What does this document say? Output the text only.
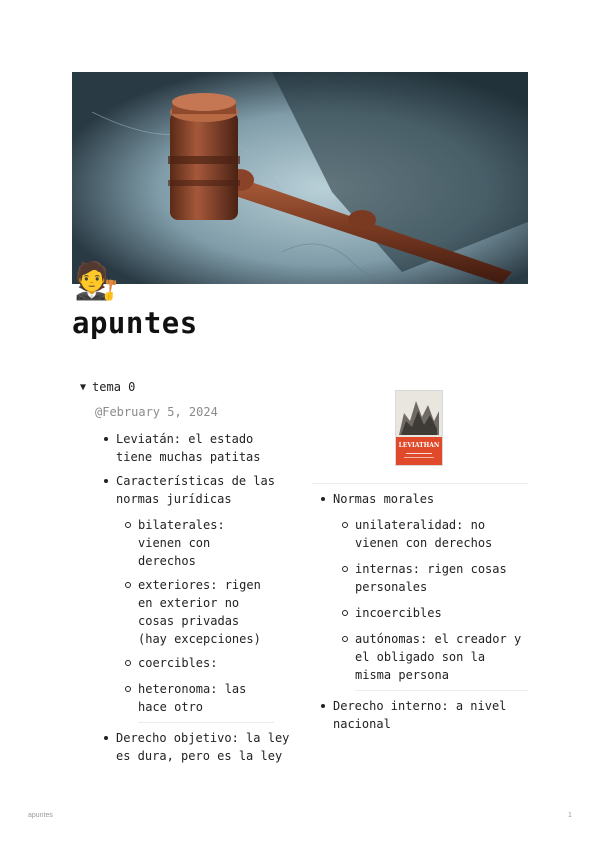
🧑‍⚖️
apuntes
▼ tema 0
@February 5, 2024
Leviatán: el estado tiene muchas patitas
Características de las normas jurídicas
bilaterales: vienen con derechos
exteriores: rigen en exterior no cosas privadas (hay excepciones)
coercibles:
heteronoma: las hace otro
Derecho objetivo: la ley es dura, pero es la ley
LEVIATHAN
Normas morales
unilateralidad: no vienen con derechos
internas: rigen cosas personales
incoercibles
autónomas: el creador y el obligado son la misma persona
Derecho interno: a nivel nacional
apuntes	1
